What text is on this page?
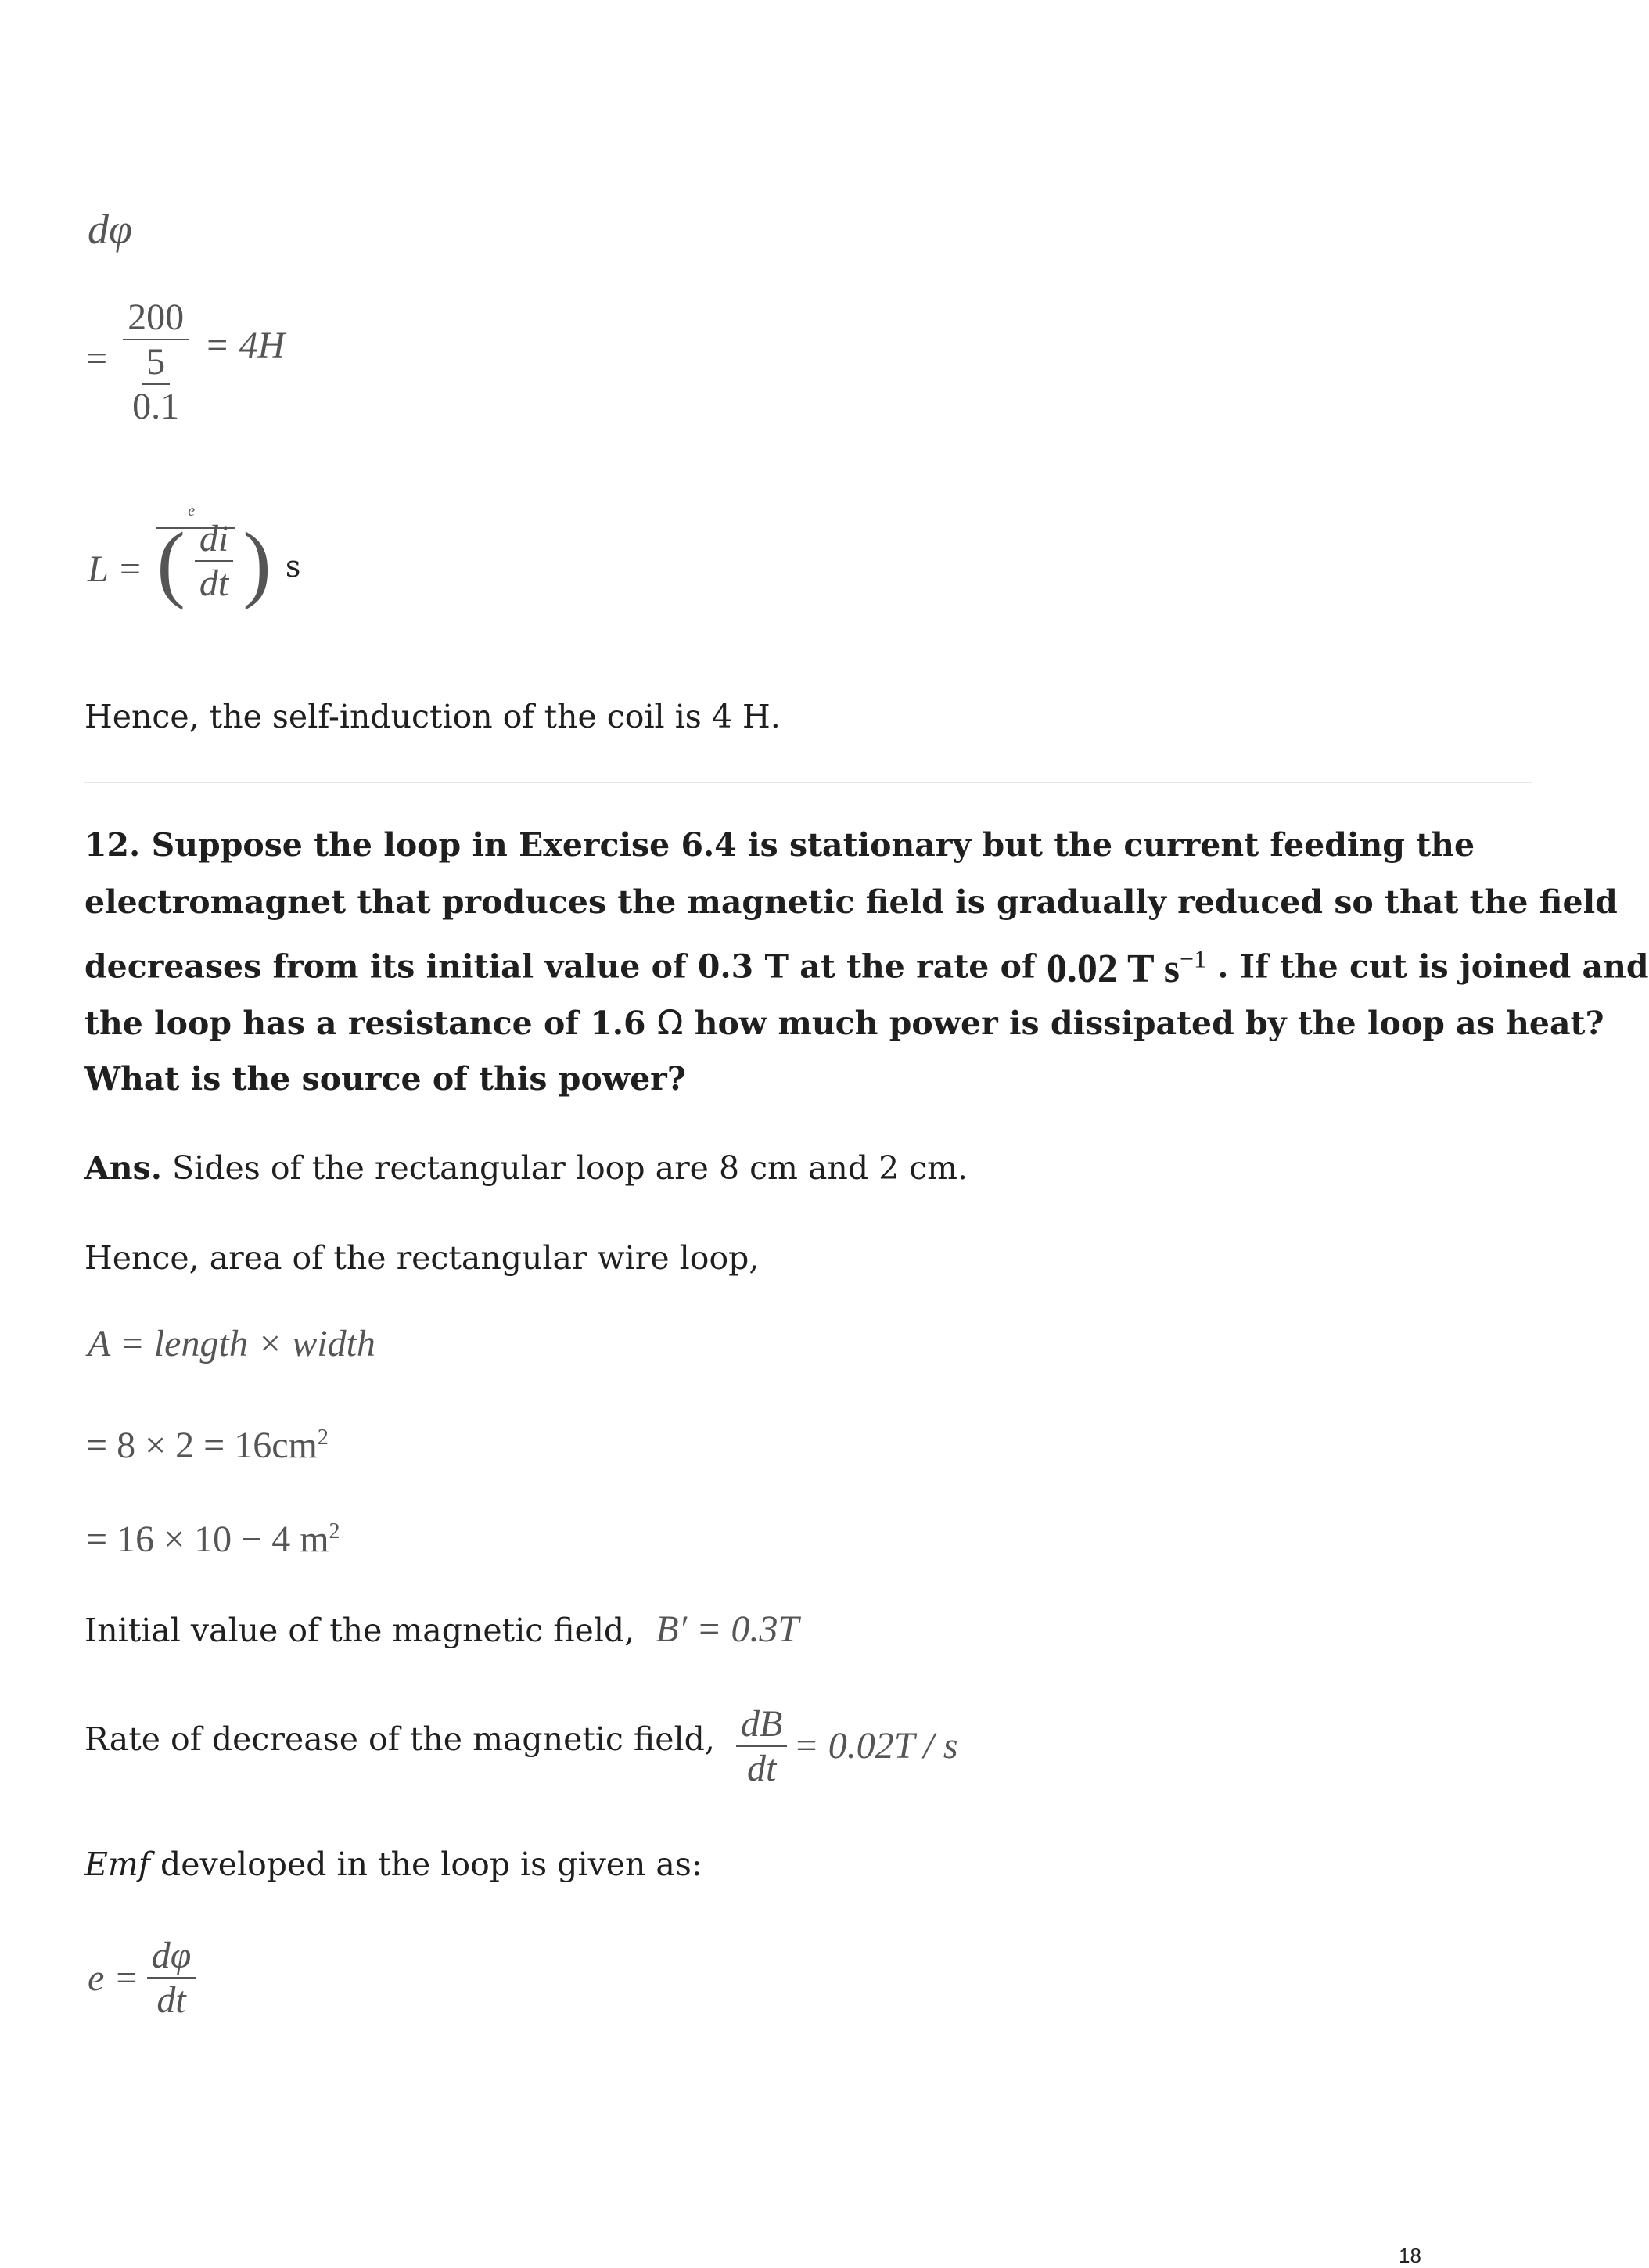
dφ
= 200
5
0.1 = 4H
L =
e
( $\frac{di}{dt}$ ) $_s$
Hence, the self-induction of the coil is 4 H.
12. Suppose the loop in Exercise 6.4 is stationary but the current feeding the
electromagnet that produces the magnetic field is gradually reduced so that the field
decreases from its initial value of 0.3 T at the rate of 0.02 T $s^{-1}$ . If the cut is joined and
the loop has a resistance of 1.6 Ω how much power is dissipated by the loop as heat?
What is the source of this power?
Ans. Sides of the rectangular loop are 8 cm and 2 cm.
Hence, area of the rectangular wire loop,
A = length × width
= $8 \times 2 = 16cm^2$
= 16 × 10 − 4 $m^2$
Initial value of the magnetic field, B′ = 0.3T
Rate of decrease of the magnetic field, $\frac{dB}{dt} = 0.02T / s$
Emf developed in the loop is given as:
$e = \frac{d\varphi}{dt}$
18
